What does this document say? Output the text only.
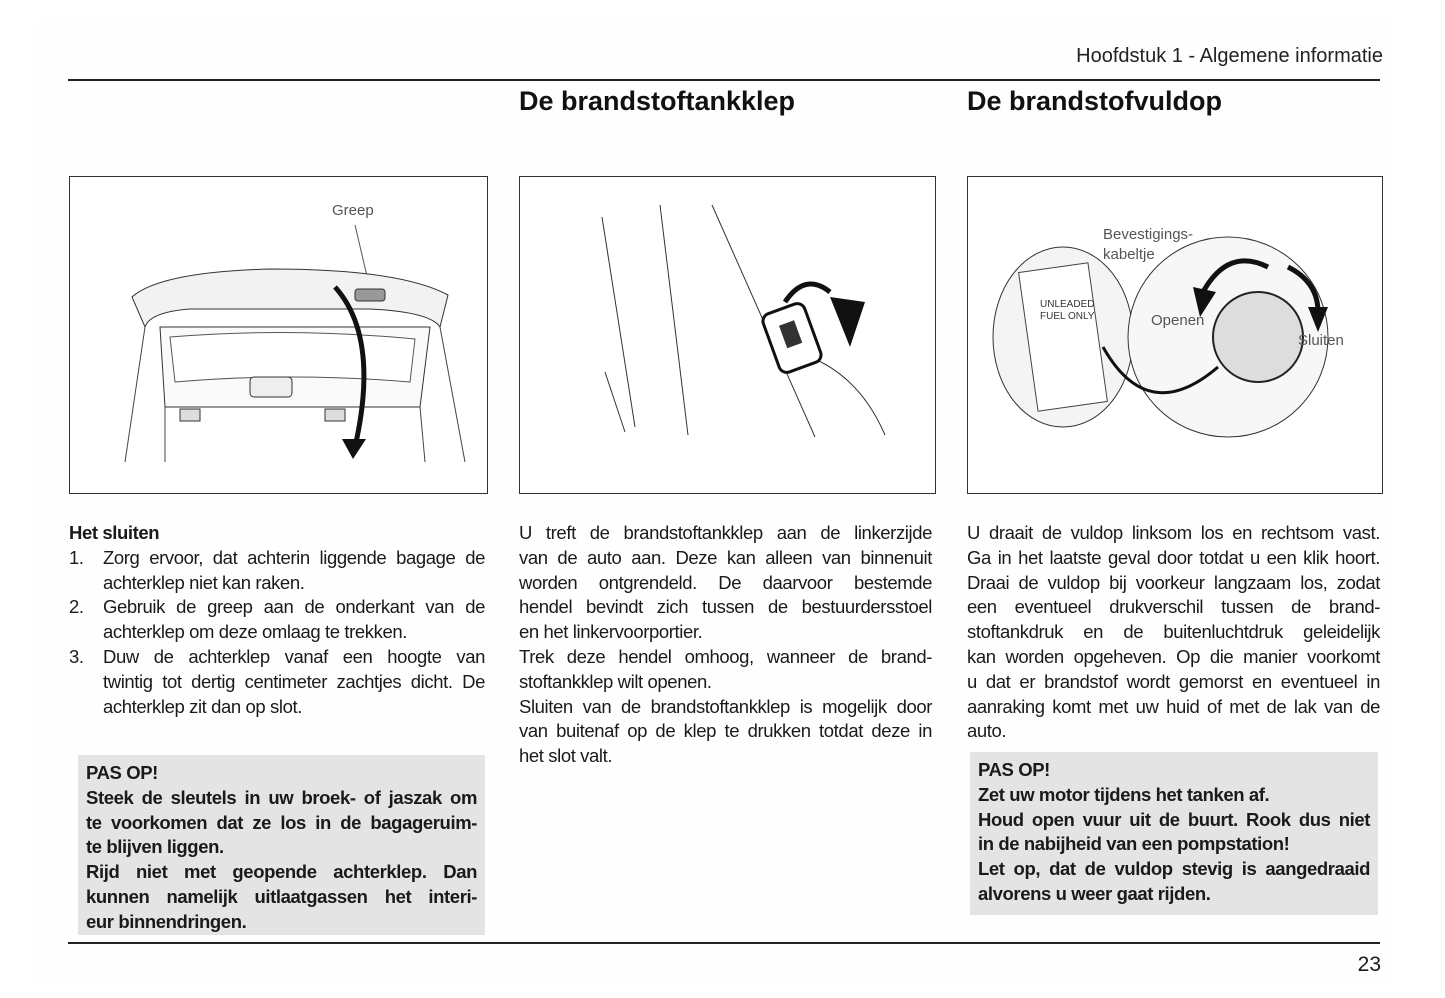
Hoofdstuk 1 - Algemene informatie
De brandstoftankklep	De brandstofvuldop
Greep
UNLEADED
FUEL ONLY
Bevestigings-
kabeltje
Openen
Sluiten
Het sluiten
1.	Zorg ervoor, dat achterin liggende bagage de
achterklep niet kan raken.
2.	Gebruik de greep aan de onderkant van de
achterklep om deze omlaag te trekken.
3.	Duw de achterklep vanaf een hoogte van
twintig tot dertig centimeter zachtjes dicht. De
achterklep zit dan op slot.
PAS OP!
Steek de sleutels in uw broek- of jaszak om
te voorkomen dat ze los in de bagageruim-
te blijven liggen.
Rijd niet met geopende achterklep. Dan
kunnen namelijk uitlaatgassen het interi-
eur binnendringen.
U treft de brandstoftankklep aan de linkerzijde
van de auto aan. Deze kan alleen van binnenuit
worden ontgrendeld. De daarvoor bestemde
hendel bevindt zich tussen de bestuurdersstoel
en het linkervoorportier.
Trek deze hendel omhoog, wanneer de brand-
stoftankklep wilt openen.
Sluiten van de brandstoftankklep is mogelijk door
van buitenaf op de klep te drukken totdat deze in
het slot valt.
U draait de vuldop linksom los en rechtsom vast.
Ga in het laatste geval door totdat u een klik hoort.
Draai de vuldop bij voorkeur langzaam los, zodat
een eventueel drukverschil tussen de brand-
stoftankdruk en de buitenluchtdruk geleidelijk
kan worden opgeheven. Op die manier voorkomt
u dat er brandstof wordt gemorst en eventueel in
aanraking komt met uw huid of met de lak van de
auto.
PAS OP!
Zet uw motor tijdens het tanken af.
Houd open vuur uit de buurt. Rook dus niet
in de nabijheid van een pompstation!
Let op, dat de vuldop stevig is aangedraaid
alvorens u weer gaat rijden.
23
